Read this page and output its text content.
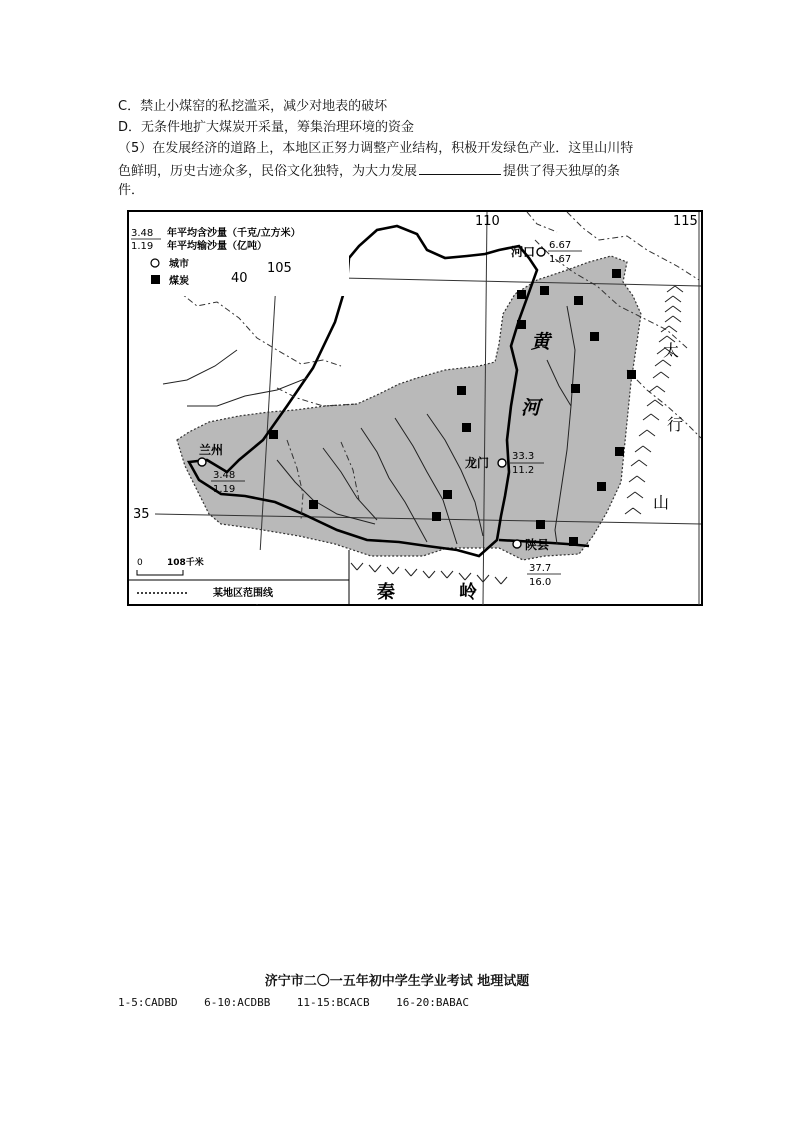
C．禁止小煤窑的私挖滥采，减少对地表的破坏
D．无条件地扩大煤炭开采量，筹集治理环境的资金
（5）在发展经济的道路上，本地区正努力调整产业结构，积极开发绿色产业．这里山川特
色鲜明，历史古迹众多，民俗文化独特，为大力发展	提供了得天独厚的条
件．
3.48
1.19
年平均含沙量（千克/立方米）
年平均输沙量（亿吨）
城市
煤炭
0	108千米
某地区范围线
105
110	115
40
35
河口 6.67
1.67
兰州
3.48
1.19
龙门 33.3
11.2
陕县
37.7
16.0
黄
河
太
行
山
秦	岭
济宁市二〇一五年初中学生学业考试 地理试题
1-5:CADBD    6-10:ACDBB    11-15:BCACB    16-20:BABAC
